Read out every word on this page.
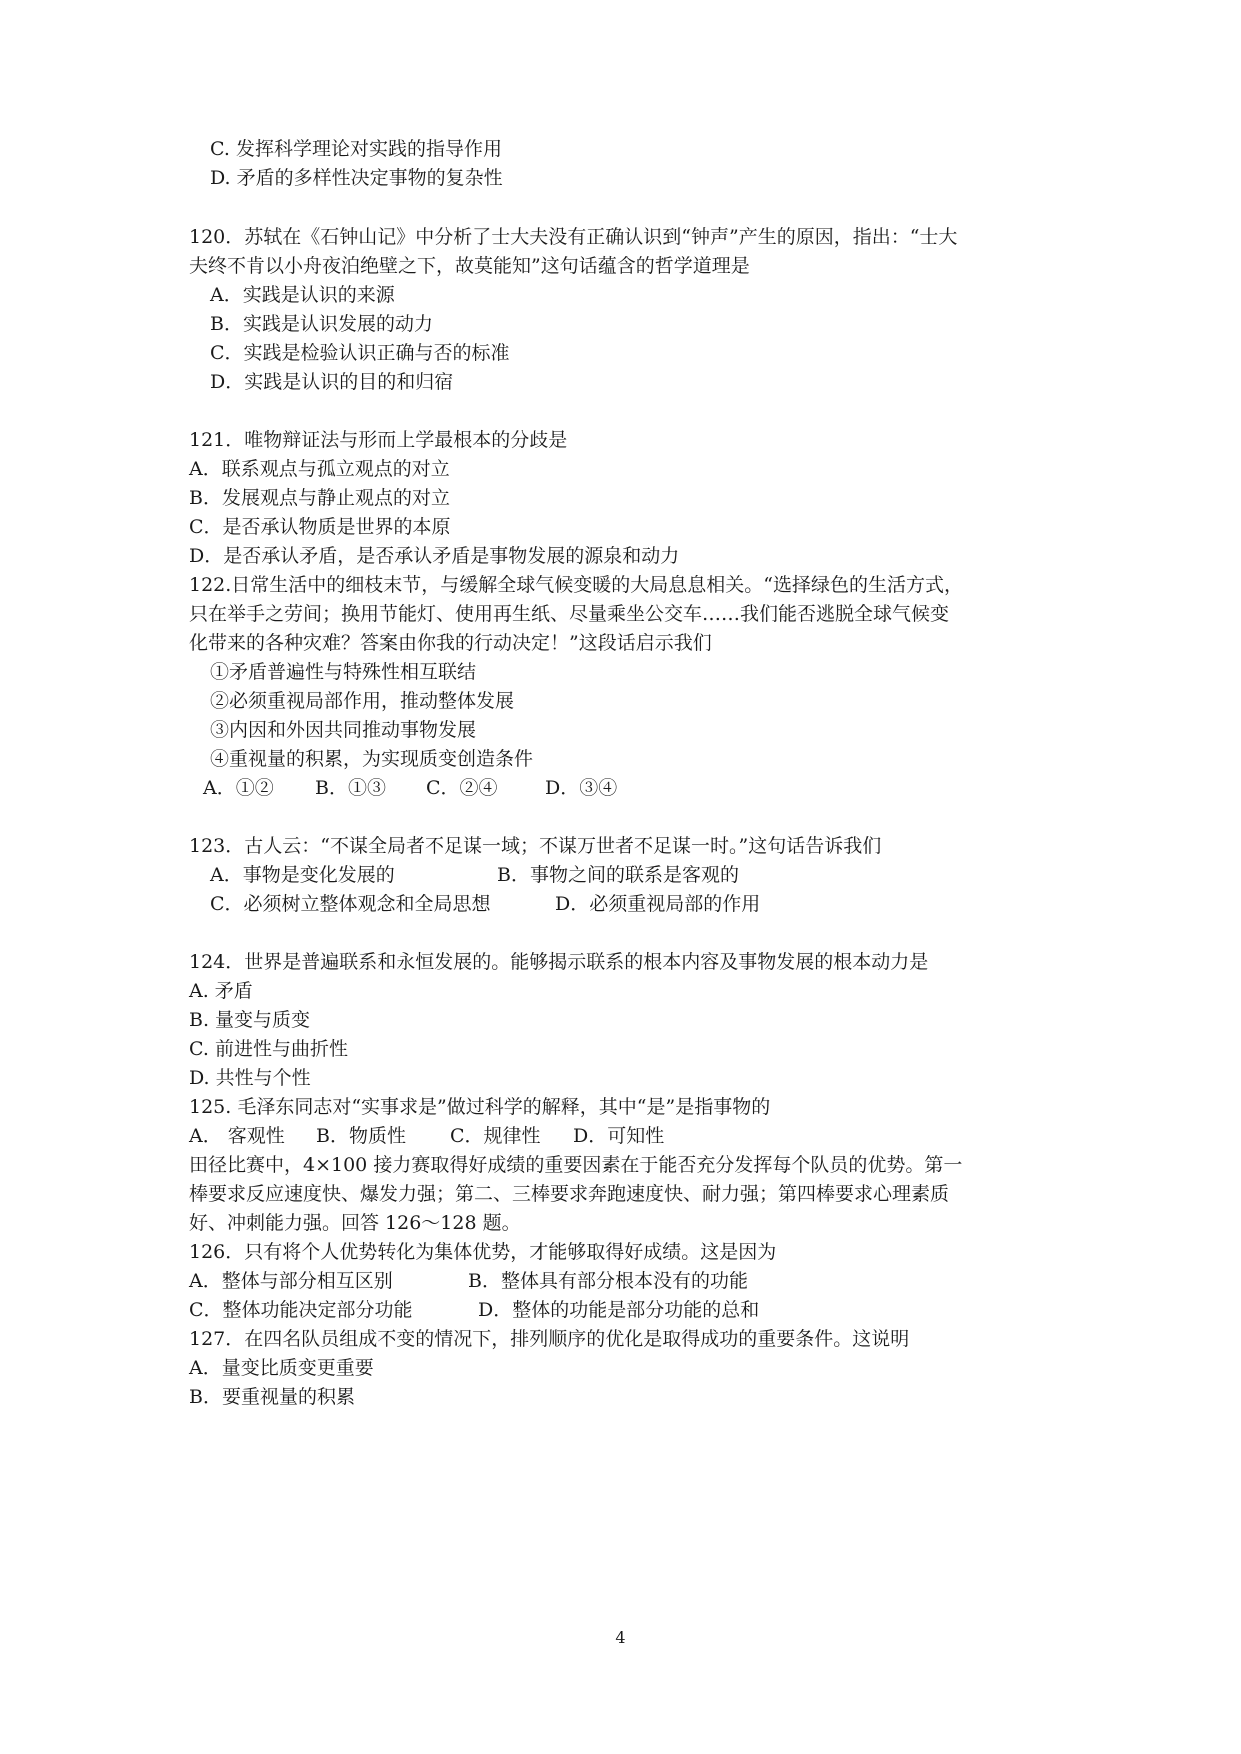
C. 发挥科学理论对实践的指导作用
D. 矛盾的多样性决定事物的复杂性
120．苏轼在《石钟山记》中分析了士大夫没有正确认识到“钟声”产生的原因，指出：“士大
夫终不肯以小舟夜泊绝壁之下，故莫能知”这句话蕴含的哲学道理是
A．实践是认识的来源
B．实践是认识发展的动力
C．实践是检验认识正确与否的标准
D．实践是认识的目的和归宿
121．唯物辩证法与形而上学最根本的分歧是
A．联系观点与孤立观点的对立
B．发展观点与静止观点的对立
C．是否承认物质是世界的本原
D．是否承认矛盾，是否承认矛盾是事物发展的源泉和动力
122.日常生活中的细枝末节，与缓解全球气候变暖的大局息息相关。“选择绿色的生活方式，
只在举手之劳间；换用节能灯、使用再生纸、尽量乘坐公交车……我们能否逃脱全球气候变
化带来的各种灾难？答案由你我的行动决定！”这段话启示我们
①矛盾普遍性与特殊性相互联结
②必须重视局部作用，推动整体发展
③内因和外因共同推动事物发展
④重视量的积累，为实现质变创造条件
A．①② B．①③ C．②④ D．③④
123．古人云：“不谋全局者不足谋一域；不谋万世者不足谋一时。”这句话告诉我们
A．事物是变化发展的	B．事物之间的联系是客观的
C．必须树立整体观念和全局思想	D．必须重视局部的作用
124．世界是普遍联系和永恒发展的。能够揭示联系的根本内容及事物发展的根本动力是
A. 矛盾
B. 量变与质变
C. 前进性与曲折性
D. 共性与个性
125. 毛泽东同志对“实事求是”做过科学的解释，其中“是”是指事物的
A． 客观性 B．物质性 C．规律性 D．可知性
田径比赛中，4×100 接力赛取得好成绩的重要因素在于能否充分发挥每个队员的优势。第一
棒要求反应速度快、爆发力强；第二、三棒要求奔跑速度快、耐力强；第四棒要求心理素质
好、冲刺能力强。回答 126～128 题。
126．只有将个人优势转化为集体优势，才能够取得好成绩。这是因为
A．整体与部分相互区别	B．整体具有部分根本没有的功能
C．整体功能决定部分功能	D．整体的功能是部分功能的总和
127．在四名队员组成不变的情况下，排列顺序的优化是取得成功的重要条件。这说明
A．量变比质变更重要
B．要重视量的积累
4
